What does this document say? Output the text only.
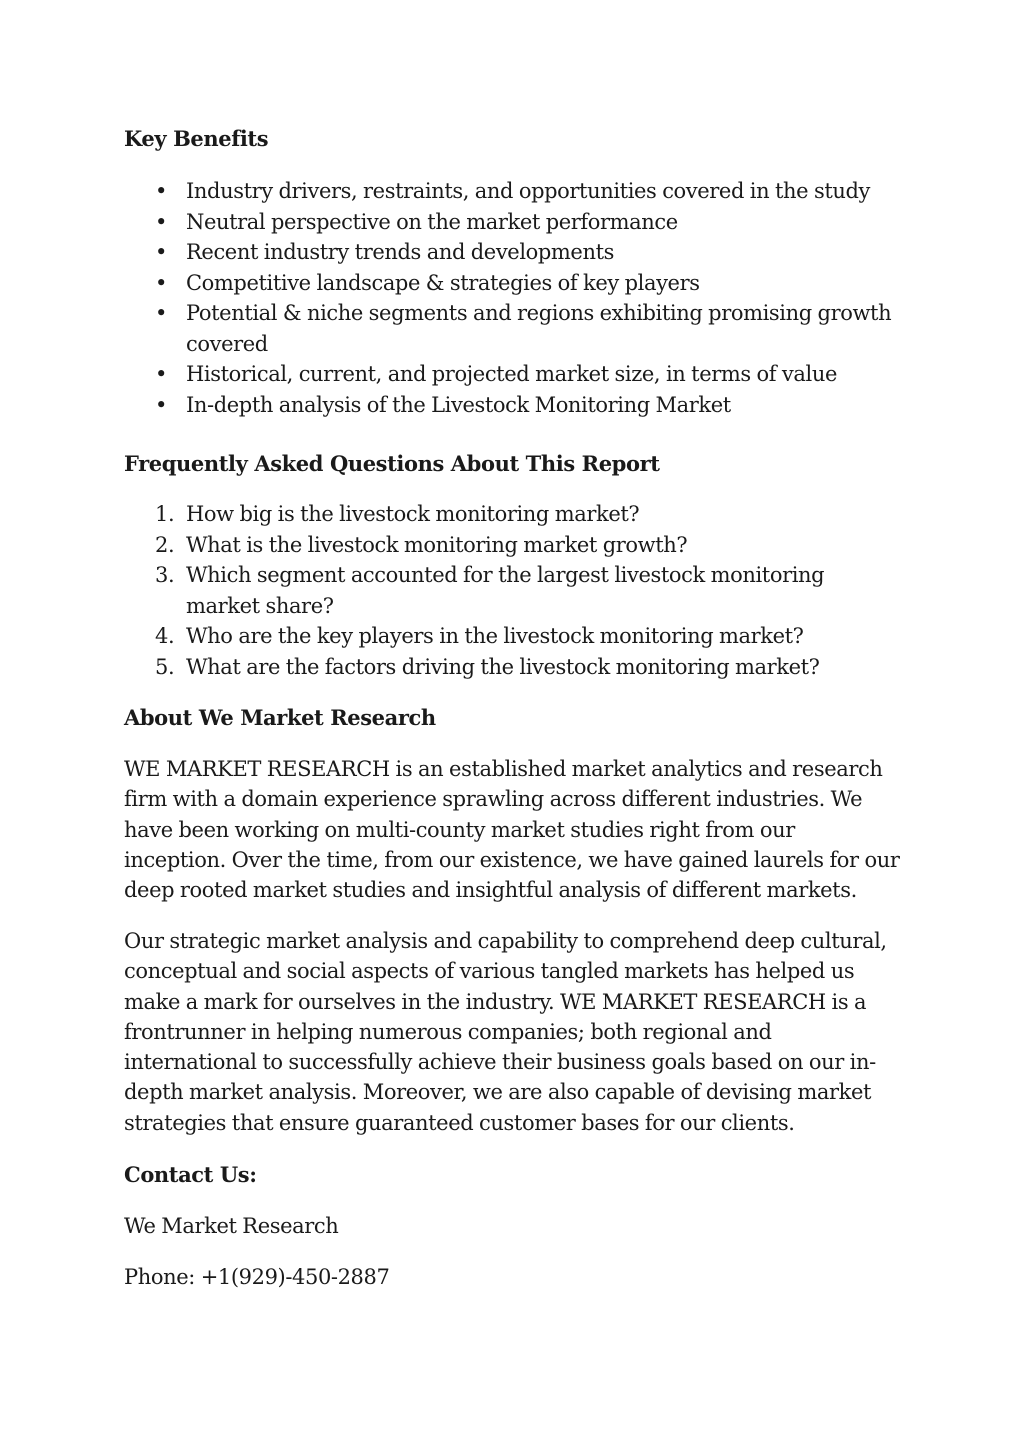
Key Benefits
• Industry drivers, restraints, and opportunities covered in the study
• Neutral perspective on the market performance
• Recent industry trends and developments
• Competitive landscape & strategies of key players
• Potential & niche segments and regions exhibiting promising growth
covered
• Historical, current, and projected market size, in terms of value
• In-depth analysis of the Livestock Monitoring Market
Frequently Asked Questions About This Report
1. How big is the livestock monitoring market?
2. What is the livestock monitoring market growth?
3. Which segment accounted for the largest livestock monitoring
market share?
4. Who are the key players in the livestock monitoring market?
5. What are the factors driving the livestock monitoring market?
About We Market Research

WE MARKET RESEARCH is an established market analytics and research
firm with a domain experience sprawling across different industries. We
have been working on multi-county market studies right from our
inception. Over the time, from our existence, we have gained laurels for our
deep rooted market studies and insightful analysis of different markets.

Our strategic market analysis and capability to comprehend deep cultural,
conceptual and social aspects of various tangled markets has helped us
make a mark for ourselves in the industry. WE MARKET RESEARCH is a
frontrunner in helping numerous companies; both regional and
international to successfully achieve their business goals based on our in-
depth market analysis. Moreover, we are also capable of devising market
strategies that ensure guaranteed customer bases for our clients.

Contact Us:

We Market Research

Phone: +1(929)-450-2887
